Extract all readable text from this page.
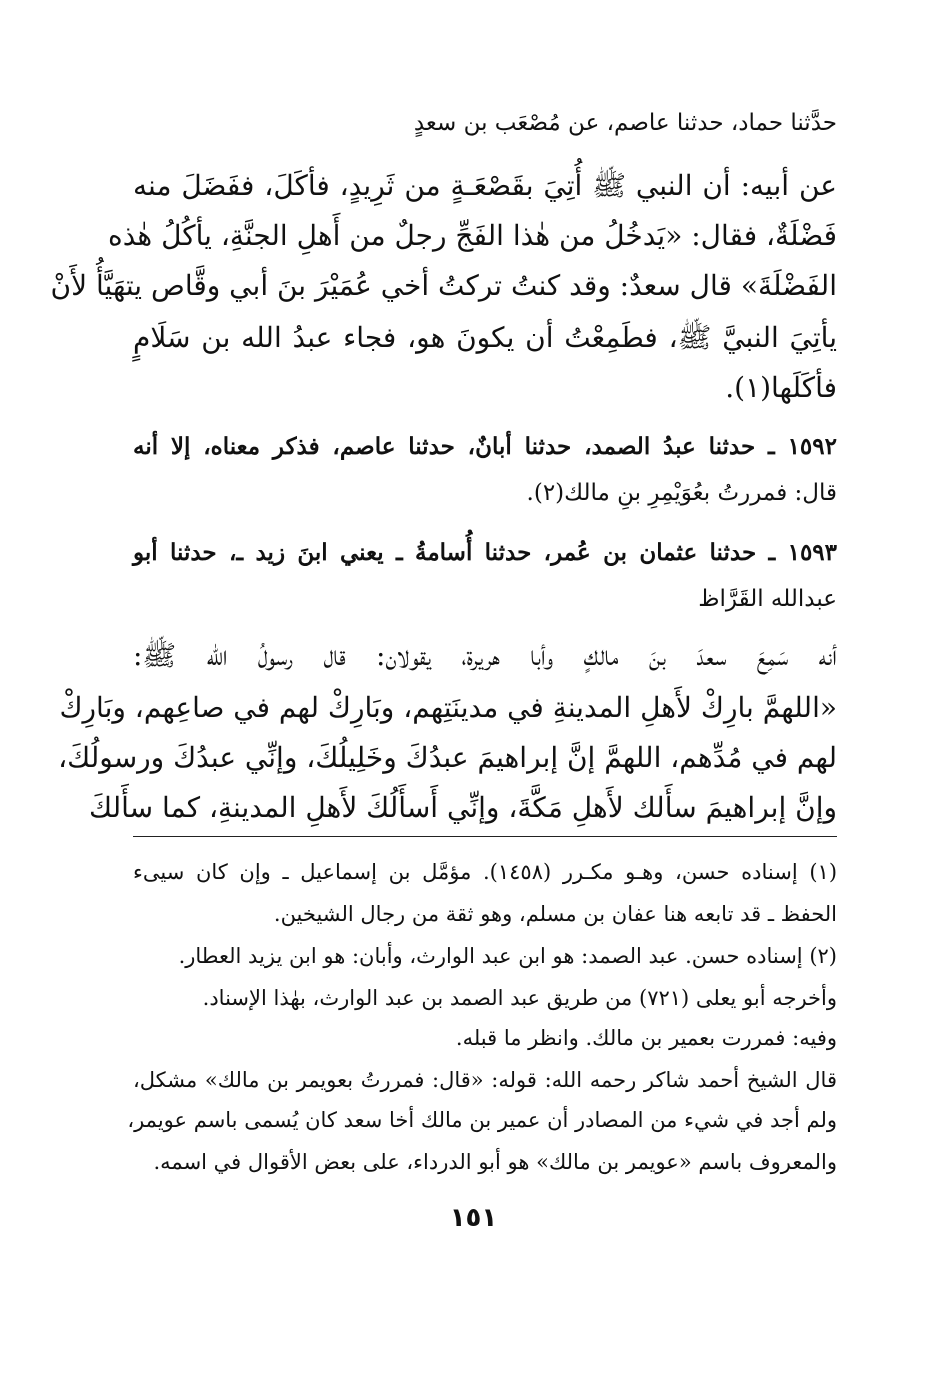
حدَّثنا حماد، حدثنا عاصم، عن مُصْعَب بن سعدٍ
عن أبيه: أن النبي ﷺ أُتِيَ بقَصْعَـةٍ من ثَرِيدٍ، فأكَلَ، ففَضَلَ منه
فَضْلَةٌ، فقال: «يَدخُلُ من هٰذا الفَجِّ رجلٌ من أَهلِ الجنَّةِ، يأكُلُ هٰذه
الفَضْلَةَ» قال سعدٌ: وقد كنتُ تركتُ أخي عُمَيْرَ بنَ أبي وقَّاص يتهَيَّأُ لأَنْ
يأتِيَ النبيَّ ﷺ، فطَمِعْتُ أن يكونَ هو، فجاء عبدُ الله بن سَلَامٍ
فأكَلَها(١).
١٥٩٢ ـ حدثنا عبدُ الصمد، حدثنا أبانٌ، حدثنا عاصم، فذكر معناه، إلا أنه
قال: فمررتُ بعُوَيْمِرِ بنِ مالك(٢).
١٥٩٣ ـ حدثنا عثمان بن عُمر، حدثنا أُسامةُ ـ يعني ابنَ زيد ـ، حدثنا أبو
عبدالله القَرَّاظ
أنه سَمِعَ سعدَ بنَ مالكٍ وأبا هريرة، يقولان: قال رسولُ الله ﷺ:
«اللهمَّ بارِكْ لأَهلِ المدينةِ في مدينَتِهم، وبَارِكْ لهم في صاعِهم، وبَارِكْ
لهم في مُدِّهم، اللهمَّ إنَّ إبراهيمَ عبدُكَ وخَلِيلُكَ، وإنِّي عبدُكَ ورسولُكَ،
وإنَّ إبراهيمَ سأَلك لأَهلِ مَكَّةَ، وإنِّي أَسأَلُكَ لأَهلِ المدينةِ، كما سأَلكَ
(١) إسناده حسن، وهـو مكـرر (١٤٥٨). مؤمَّل بن إسماعيل ـ وإن كان سيىء
الحفظ ـ قد تابعه هنا عفان بن مسلم، وهو ثقة من رجال الشيخين.
(٢) إسناده حسن. عبد الصمد: هو ابن عبد الوارث، وأبان: هو ابن يزيد العطار.
وأخرجه أبو يعلى (٧٢١) من طريق عبد الصمد بن عبد الوارث، بهٰذا الإسناد.
وفيه: فمررت بعمير بن مالك. وانظر ما قبله.
قال الشيخ أحمد شاكر رحمه الله: قوله: «قال: فمررتُ بعويمر بن مالك» مشكل،
ولم أجد في شيء من المصادر أن عمير بن مالك أخا سعد كان يُسمى باسم عويمر،
والمعروف باسم «عويمر بن مالك» هو أبو الدرداء، على بعض الأقوال في اسمه.
١٥١
